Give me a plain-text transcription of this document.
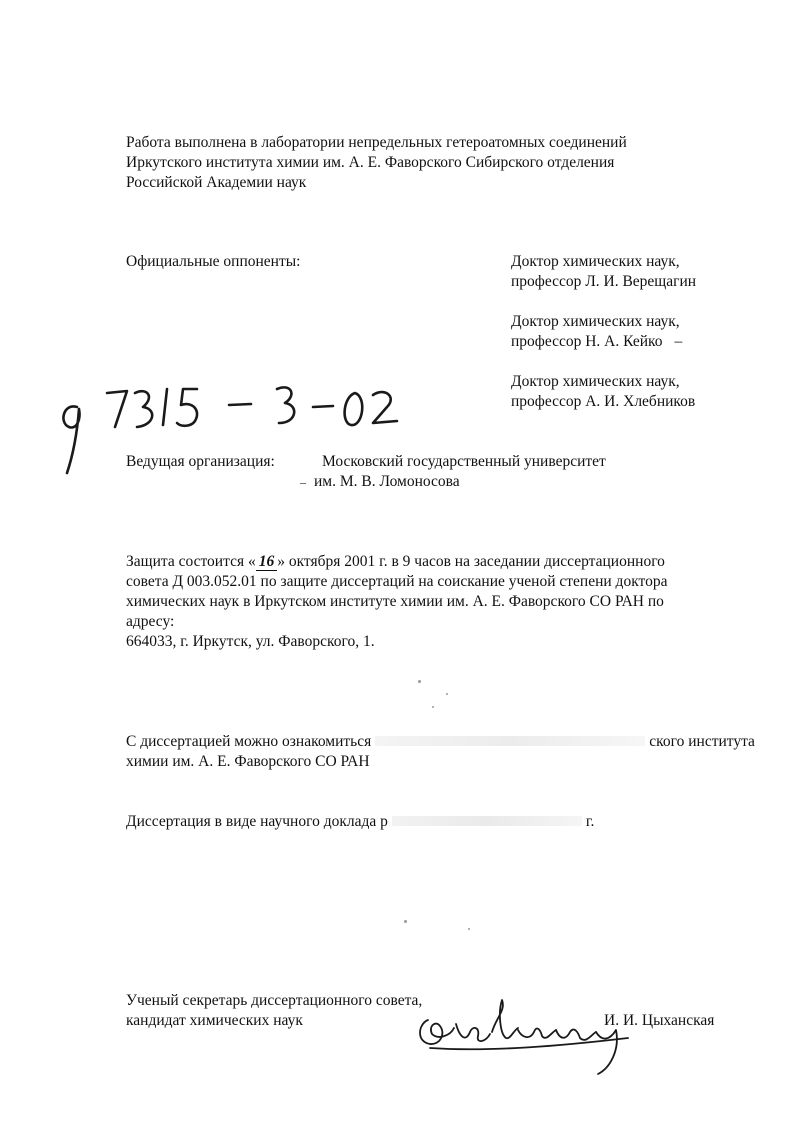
Работа выполнена в лаборатории непредельных гетероатомных соединений
Иркутского института химии им. А. Е. Фаворского Сибирского отделения
Российской Академии наук
Официальные оппоненты:	Доктор химических наук,
профессор Л. И. Верещагин
Доктор химических наук,
профессор Н. А. Кейко –
Доктор химических наук,
профессор А. И. Хлебников
Ведущая организация:	Московский государственный университет
– им. М. В. Ломоносова
Защита состоится « 16 » октября 2001 г. в 9 часов на заседании диссертационного
совета Д 003.052.01 по защите диссертаций на соискание ученой степени доктора
химических наук в Иркутском институте химии им. А. Е. Фаворского СО РАН по
адресу:
664033, г. Иркутск, ул. Фаворского, 1.
С диссертацией можно ознакомиться	ского института
химии им. А. Е. Фаворского СО РАН
Диссертация в виде научного доклада р	г.
Ученый секретарь диссертационного совета,
кандидат химических наук	И. И. Цыханская
